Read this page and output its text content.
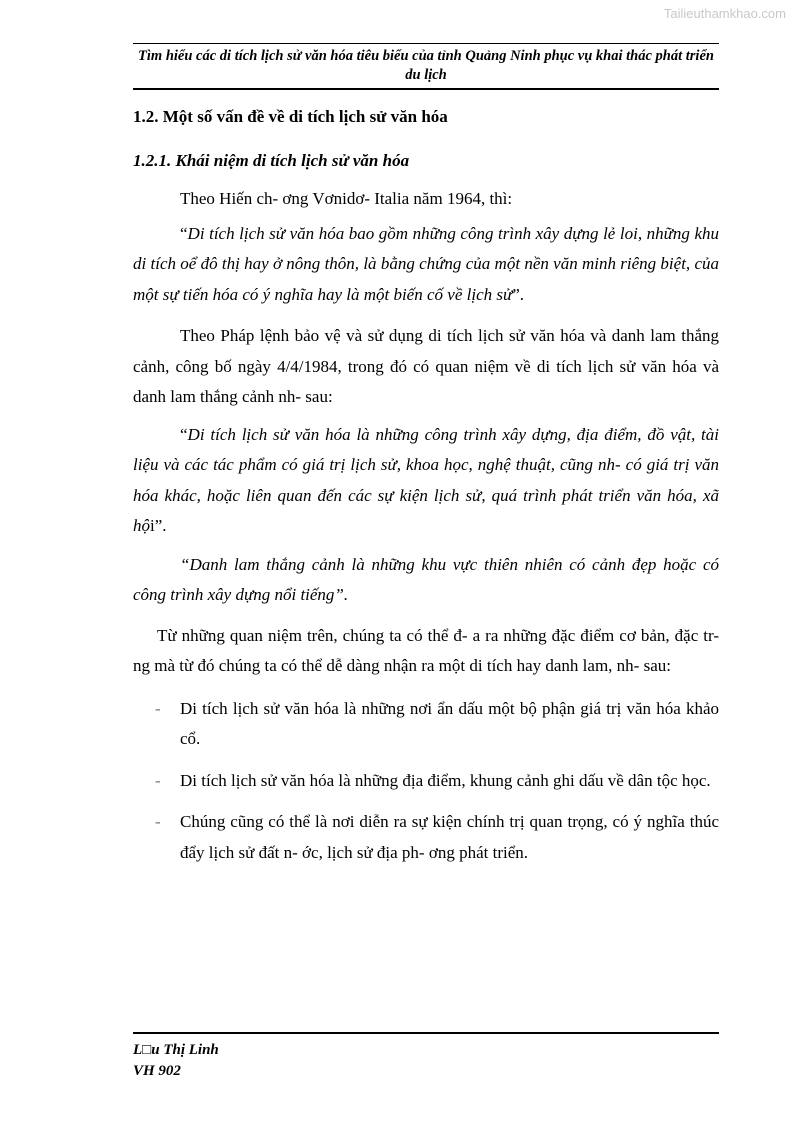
Tailieuthamkhao.com
Tìm hiểu các di tích lịch sử văn hóa tiêu biểu của tỉnh Quảng Ninh phục vụ khai thác phát triển du lịch
1.2. Một số vấn đề về di tích lịch sử văn hóa
1.2.1. Khái niệm di tích lịch sử văn hóa

Theo Hiến ch- ơng Vơnidơ- Italia năm 1964, thì:

“Di tích lịch sử văn hóa bao gồm những công trình xây dựng lẻ loi, những khu di tích oể đô thị hay ở nông thôn, là bằng chứng của một nền văn minh riêng biệt, của một sự tiến hóa có ý nghĩa hay là một biến cố về lịch sử”.

Theo Pháp lệnh bảo vệ và sử dụng di tích lịch sử văn hóa và danh lam thắng cảnh, công bố ngày 4/4/1984, trong đó có quan niệm về di tích lịch sử văn hóa và danh lam thắng cảnh nh- sau:

“Di tích lịch sử văn hóa là những công trình xây dựng, địa điểm, đồ vật, tài liệu và các tác phẩm có giá trị lịch sử, khoa học, nghệ thuật, cũng nh- có giá trị văn hóa khác, hoặc liên quan đến các sự kiện lịch sử, quá trình phát triển văn hóa, xã hội”.

“Danh lam thắng cảnh là những khu vực thiên nhiên có cảnh đẹp hoặc có công trình xây dựng nổi tiếng”.

Từ những quan niệm trên, chúng ta có thể đ- a ra những đặc điểm cơ bản, đặc tr- ng mà từ đó chúng ta có thể dễ dàng nhận ra một di tích hay danh lam, nh- sau:

- Di tích lịch sử văn hóa là những nơi ẩn dấu một bộ phận giá trị văn hóa khảo cổ.
- Di tích lịch sử văn hóa là những địa điểm, khung cảnh ghi dấu về dân tộc học.
- Chúng cũng có thể là nơi diễn ra sự kiện chính trị quan trọng, có ý nghĩa thúc đẩy lịch sử đất n- ớc, lịch sử địa ph- ơng phát triển.
L□u Thị Linh
VH 902
